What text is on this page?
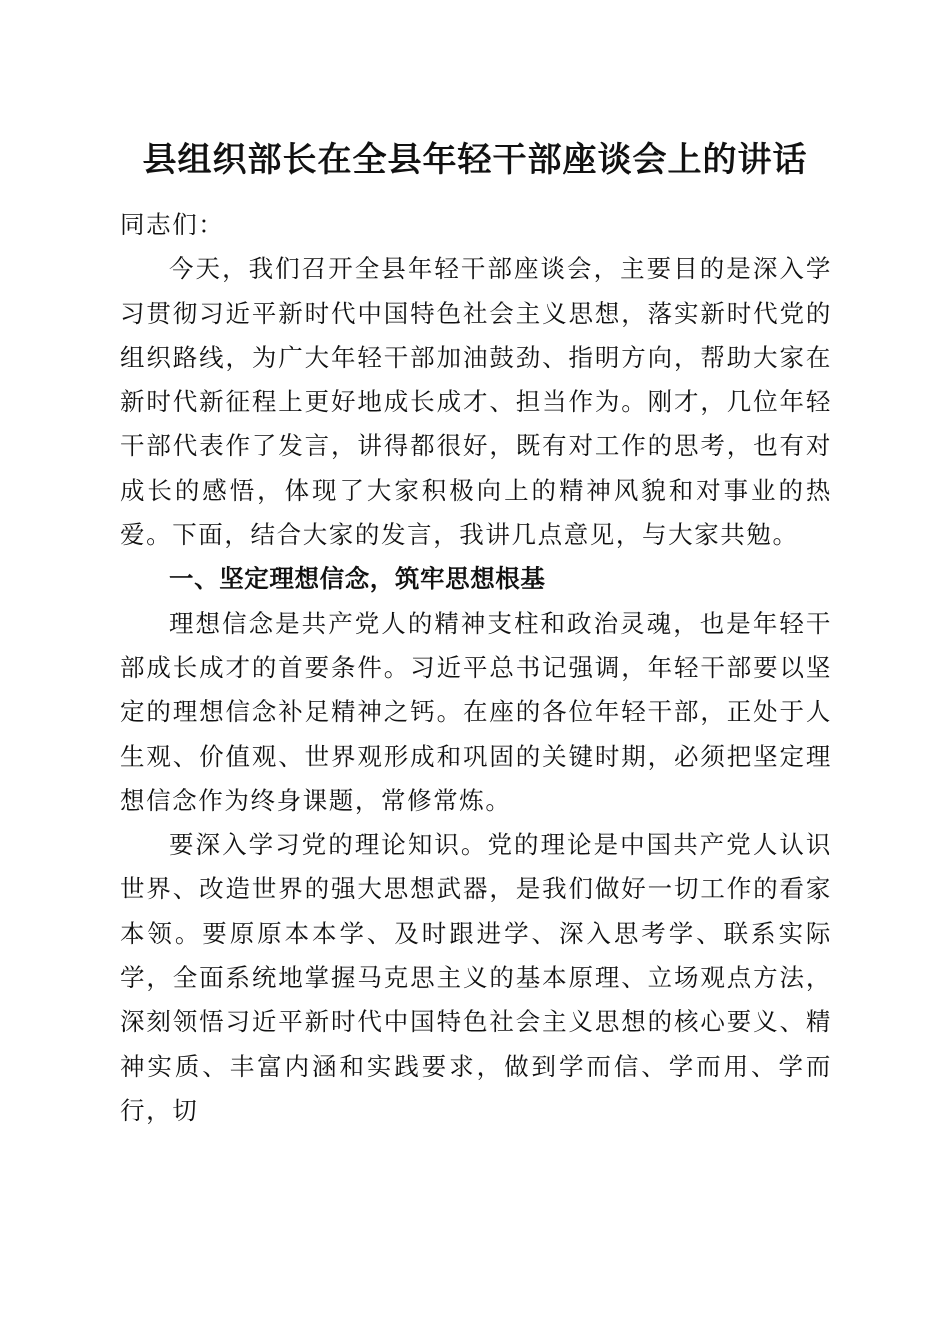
县组织部长在全县年轻干部座谈会上的讲话

同志们：

今天，我们召开全县年轻干部座谈会，主要目的是深入学习贯彻习近平新时代中国特色社会主义思想，落实新时代党的组织路线，为广大年轻干部加油鼓劲、指明方向，帮助大家在新时代新征程上更好地成长成才、担当作为。刚才，几位年轻干部代表作了发言，讲得都很好，既有对工作的思考，也有对成长的感悟，体现了大家积极向上的精神风貌和对事业的热爱。下面，结合大家的发言，我讲几点意见，与大家共勉。

一、坚定理想信念，筑牢思想根基

理想信念是共产党人的精神支柱和政治灵魂，也是年轻干部成长成才的首要条件。习近平总书记强调，年轻干部要以坚定的理想信念补足精神之钙。在座的各位年轻干部，正处于人生观、价值观、世界观形成和巩固的关键时期，必须把坚定理想信念作为终身课题，常修常炼。

要深入学习党的理论知识。党的理论是中国共产党人认识世界、改造世界的强大思想武器，是我们做好一切工作的看家本领。要原原本本学、及时跟进学、深入思考学、联系实际学，全面系统地掌握马克思主义的基本原理、立场观点方法，深刻领悟习近平新时代中国特色社会主义思想的核心要义、精神实质、丰富内涵和实践要求，做到学而信、学而用、学而行，切
